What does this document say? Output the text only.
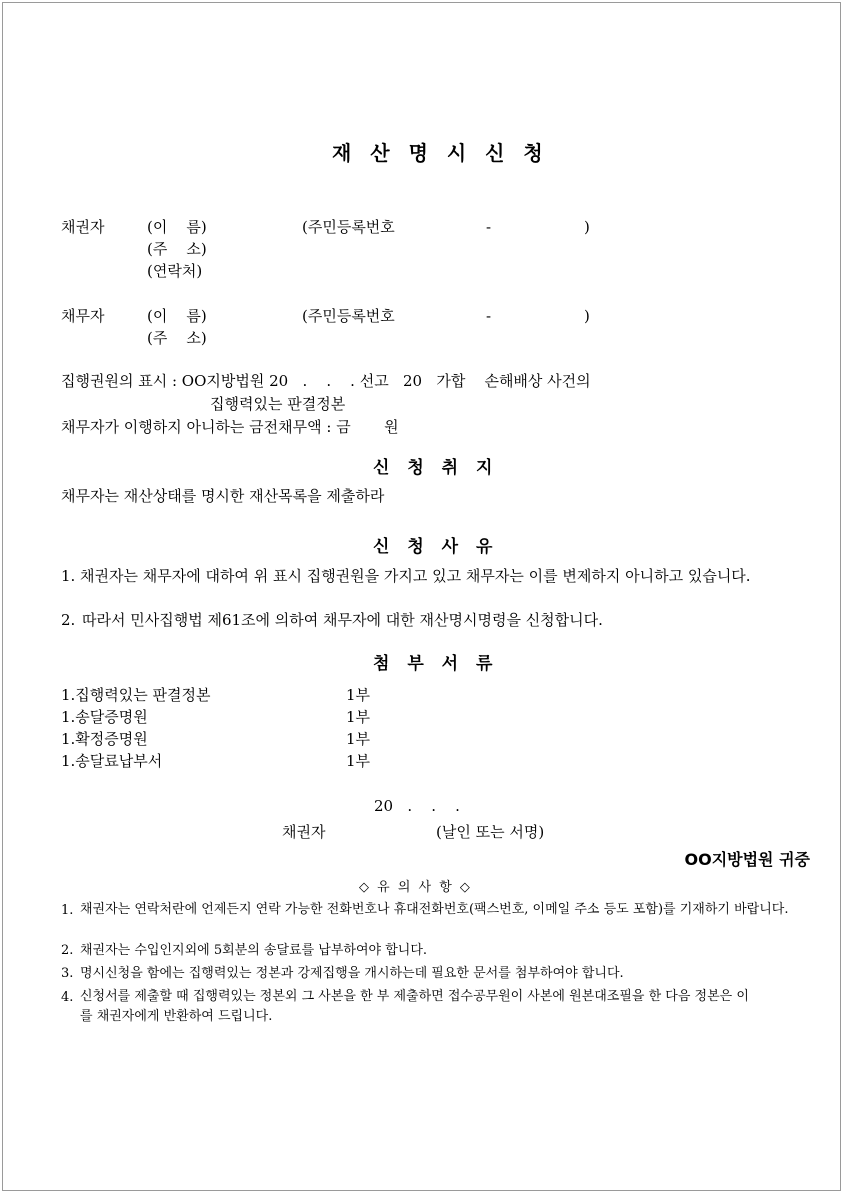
재 산 명 시 신 청
채권자	(이    름)	(주민등록번호	-	)
(주    소)
(연락처)
채무자	(이    름)	(주민등록번호	-	)
(주    소)
집행권원의 표시 : OO지방법원 20   .    .    . 선고   20   가합    손해배상 사건의
집행력있는 판결정본
채무자가 이행하지 아니하는 금전채무액 : 금       원
신 청 취 지
채무자는 재산상태를 명시한 재산목록을 제출하라
신 청 사 유
1. 채권자는 채무자에 대하여 위 표시 집행권원을 가지고 있고 채무자는 이를 변제하지 아니하고 있습니다.
2. 따라서 민사집행법 제61조에 의하여 채무자에 대한 재산명시명령을 신청합니다.
첨 부 서 류
1.집행력있는 판결정본	1부
1.송달증명원	1부
1.확정증명원	1부
1.송달료납부서	1부
20   .    .    .
채권자	(날인 또는 서명)
OO지방법원 귀중
◇ 유 의 사 항 ◇
1. 채권자는 연락처란에 언제든지 연락 가능한 전화번호나 휴대전화번호(팩스번호, 이메일 주소 등도 포함)를 기재하기 바랍니다.
2. 채권자는 수입인지외에 5회분의 송달료를 납부하여야 합니다.
3. 명시신청을 함에는 집행력있는 정본과 강제집행을 개시하는데 필요한 문서를 첨부하여야 합니다.
4. 신청서를 제출할 때 집행력있는 정본외 그 사본을 한 부 제출하면 접수공무원이 사본에 원본대조필을 한 다음 정본은 이를 채권자에게 반환하여 드립니다.
